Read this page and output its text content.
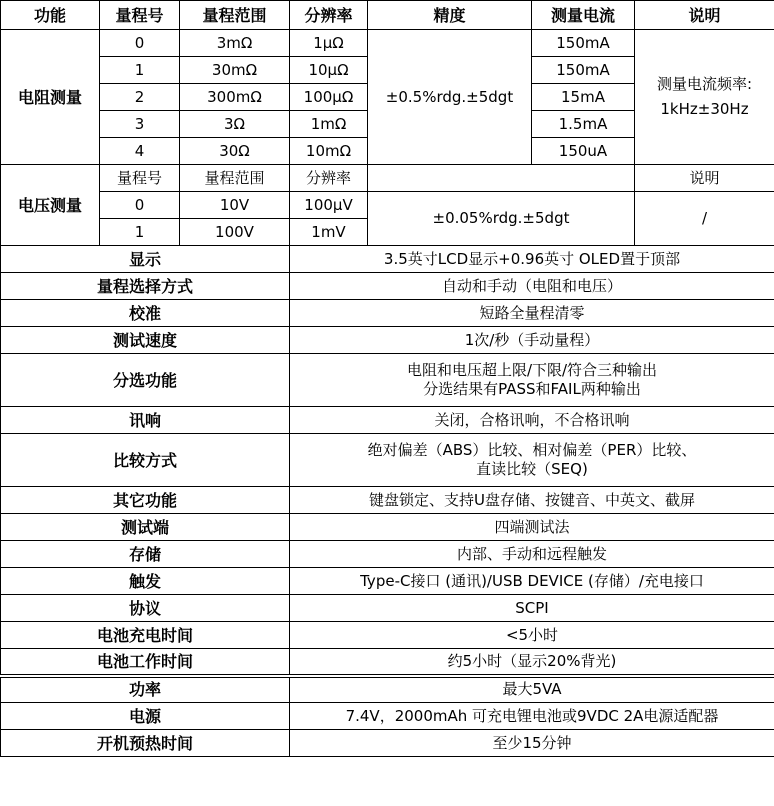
功能	量程号	量程范围	分辨率	精度	测量电流	说明
电阻测量	0	3mΩ	1μΩ	±0.5%rdg.±5dgt	150mA	测量电流频率:
1kHz±30Hz

	1	30mΩ	10μΩ		150mA	
	2	300mΩ	100μΩ		15mA	
	3	3Ω	1mΩ		1.5mA	
	4	30Ω	10mΩ		150uA	
电压测量	量程号	量程范围	分辨率			说明
	0	10V	100μV	±0.05%rdg.±5dgt		/
	1	100V	1mV			
显示			3.5英寸LCD显示+0.96英寸 OLED置于顶部			
量程选择方式			自动和手动（电阻和电压）			
校准			短路全量程清零			
测试速度			1次/秒（手动量程）			
分选功能			电阻和电压超上限/下限/符合三种输出
分选结果有PASS和FAIL两种输出			

讯响			关闭，合格讯响，不合格讯响			
比较方式			绝对偏差（ABS）比较、相对偏差（PER）比较、
直读比较（SEQ)			

其它功能			键盘锁定、支持U盘存储、按键音、中英文、截屏			
测试端			四端测试法			
存储			内部、手动和远程触发			
触发			Type-C接口 (通讯)/USB DEVICE (存储）/充电接口			
协议			SCPI			
电池充电时间			<5小时			
电池工作时间			约5小时（显示20%背光)			
功率			最大5VA			
电源			7.4V，2000mAh 可充电锂电池或9VDC 2A电源适配器			
开机预热时间			至少15分钟			
